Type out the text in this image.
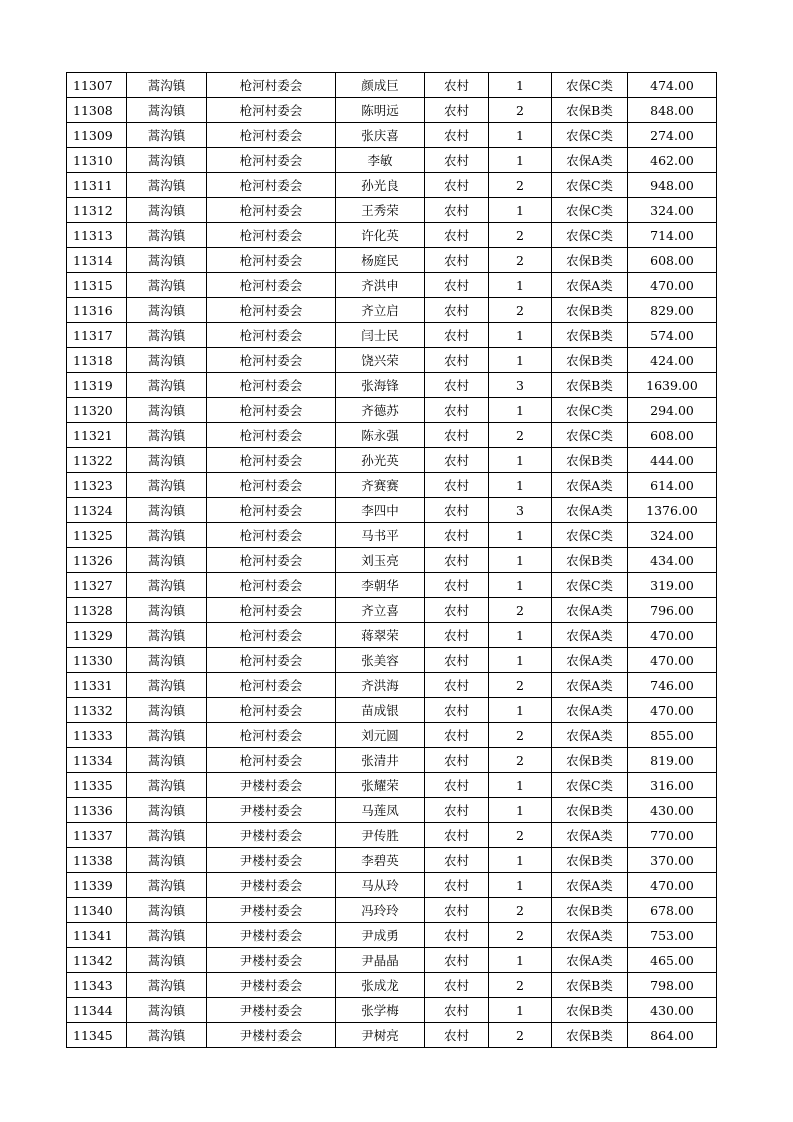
11307	蒿沟镇	枪河村委会	颜成巨	农村	1	农保C类	474.00
11308	蒿沟镇	枪河村委会	陈明远	农村	2	农保B类	848.00
11309	蒿沟镇	枪河村委会	张庆喜	农村	1	农保C类	274.00
11310	蒿沟镇	枪河村委会	李敏	农村	1	农保A类	462.00
11311	蒿沟镇	枪河村委会	孙光良	农村	2	农保C类	948.00
11312	蒿沟镇	枪河村委会	王秀荣	农村	1	农保C类	324.00
11313	蒿沟镇	枪河村委会	许化英	农村	2	农保C类	714.00
11314	蒿沟镇	枪河村委会	杨庭民	农村	2	农保B类	608.00
11315	蒿沟镇	枪河村委会	齐洪申	农村	1	农保A类	470.00
11316	蒿沟镇	枪河村委会	齐立启	农村	2	农保B类	829.00
11317	蒿沟镇	枪河村委会	闫士民	农村	1	农保B类	574.00
11318	蒿沟镇	枪河村委会	饶兴荣	农村	1	农保B类	424.00
11319	蒿沟镇	枪河村委会	张海锋	农村	3	农保B类	1639.00
11320	蒿沟镇	枪河村委会	齐德苏	农村	1	农保C类	294.00
11321	蒿沟镇	枪河村委会	陈永强	农村	2	农保C类	608.00
11322	蒿沟镇	枪河村委会	孙光英	农村	1	农保B类	444.00
11323	蒿沟镇	枪河村委会	齐赛赛	农村	1	农保A类	614.00
11324	蒿沟镇	枪河村委会	李四中	农村	3	农保A类	1376.00
11325	蒿沟镇	枪河村委会	马书平	农村	1	农保C类	324.00
11326	蒿沟镇	枪河村委会	刘玉亮	农村	1	农保B类	434.00
11327	蒿沟镇	枪河村委会	李朝华	农村	1	农保C类	319.00
11328	蒿沟镇	枪河村委会	齐立喜	农村	2	农保A类	796.00
11329	蒿沟镇	枪河村委会	蒋翠荣	农村	1	农保A类	470.00
11330	蒿沟镇	枪河村委会	张美容	农村	1	农保A类	470.00
11331	蒿沟镇	枪河村委会	齐洪海	农村	2	农保A类	746.00
11332	蒿沟镇	枪河村委会	苗成银	农村	1	农保A类	470.00
11333	蒿沟镇	枪河村委会	刘元圆	农村	2	农保A类	855.00
11334	蒿沟镇	枪河村委会	张清井	农村	2	农保B类	819.00
11335	蒿沟镇	尹楼村委会	张耀荣	农村	1	农保C类	316.00
11336	蒿沟镇	尹楼村委会	马莲凤	农村	1	农保B类	430.00
11337	蒿沟镇	尹楼村委会	尹传胜	农村	2	农保A类	770.00
11338	蒿沟镇	尹楼村委会	李碧英	农村	1	农保B类	370.00
11339	蒿沟镇	尹楼村委会	马从玲	农村	1	农保A类	470.00
11340	蒿沟镇	尹楼村委会	冯玲玲	农村	2	农保B类	678.00
11341	蒿沟镇	尹楼村委会	尹成勇	农村	2	农保A类	753.00
11342	蒿沟镇	尹楼村委会	尹晶晶	农村	1	农保A类	465.00
11343	蒿沟镇	尹楼村委会	张成龙	农村	2	农保B类	798.00
11344	蒿沟镇	尹楼村委会	张学梅	农村	1	农保B类	430.00
11345	蒿沟镇	尹楼村委会	尹树亮	农村	2	农保B类	864.00
